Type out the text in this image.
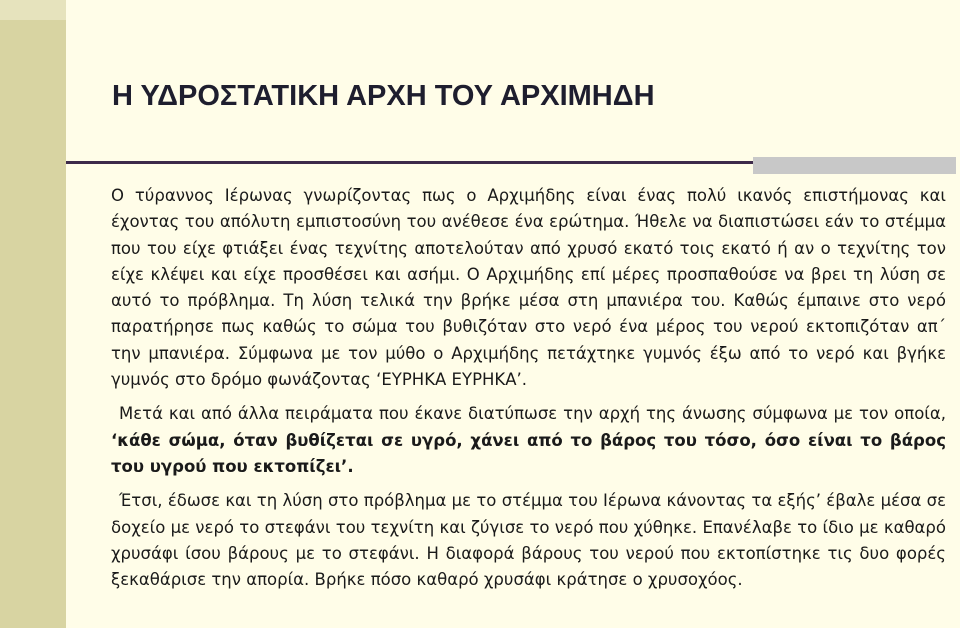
Η ΥΔΡΟΣΤΑΤΙΚΗ ΑΡΧΗ ΤΟΥ ΑΡΧΙΜΗΔΗ

Ο τύραννος Ιέρωνας γνωρίζοντας πως ο Αρχιμήδης είναι ένας πολύ ικανός επιστήμονας και έχοντας του απόλυτη εμπιστοσύνη του ανέθεσε ένα ερώτημα. Ήθελε να διαπιστώσει εάν το στέμμα που του είχε φτιάξει ένας τεχνίτης αποτελούταν από χρυσό εκατό τοις εκατό ή αν ο τεχνίτης τον είχε κλέψει και είχε προσθέσει και ασήμι. Ο Αρχιμήδης επί μέρες προσπαθούσε να βρει τη λύση σε αυτό το πρόβλημα. Τη λύση τελικά την βρήκε μέσα στη μπανιέρα του. Καθώς έμπαινε στο νερό παρατήρησε πως καθώς το σώμα του βυθιζόταν στο νερό ένα μέρος του νερού εκτοπιζόταν απ΄ την μπανιέρα. Σύμφωνα με τον μύθο ο Αρχιμήδης πετάχτηκε γυμνός έξω από το νερό και βγήκε γυμνός στο δρόμο φωνάζοντας ‘ΕΥΡΗΚΑ ΕΥΡΗΚΑ’.

Μετά και από άλλα πειράματα που έκανε διατύπωσε την αρχή της άνωσης σύμφωνα με τον οποία, ‘κάθε σώμα, όταν βυθίζεται σε υγρό, χάνει από το βάρος του τόσο, όσο είναι το βάρος του υγρού που εκτοπίζει’.

Έτσι, έδωσε και τη λύση στο πρόβλημα με το στέμμα του Ιέρωνα κάνοντας τα εξής’ έβαλε μέσα σε δοχείο με νερό το στεφάνι του τεχνίτη και ζύγισε το νερό που χύθηκε. Επανέλαβε το ίδιο με καθαρό χρυσάφι ίσου βάρους με το στεφάνι. Η διαφορά βάρους του νερού που εκτοπίστηκε τις δυο φορές ξεκαθάρισε την απορία. Βρήκε πόσο καθαρό χρυσάφι κράτησε ο χρυσοχόος.
